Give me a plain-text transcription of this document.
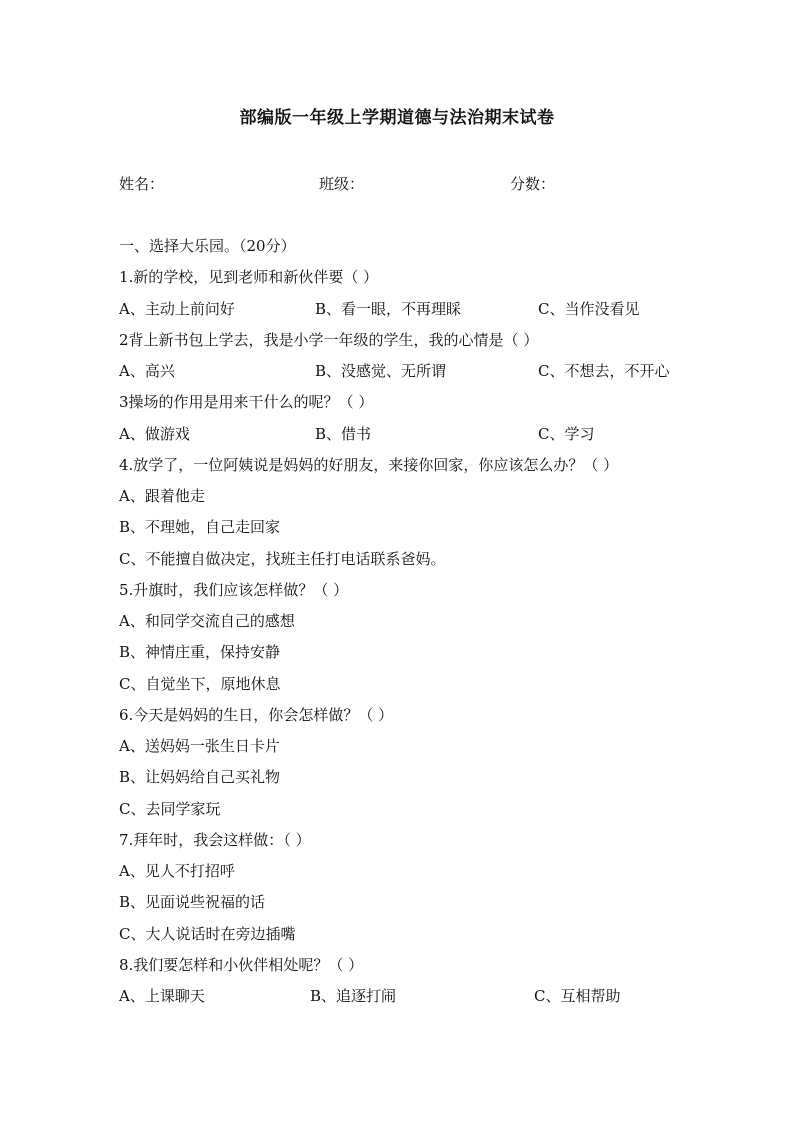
部编版一年级上学期道德与法治期末试卷
姓名：	班级：	分数：
一、选择大乐园。（20分）
1.新的学校，见到老师和新伙伴要（ ）
A、主动上前问好	B、看一眼，不再理睬	C、当作没看见
2背上新书包上学去，我是小学一年级的学生，我的心情是（ ）
A、高兴	B、没感觉、无所谓	C、不想去，不开心
3操场的作用是用来干什么的呢？（ ）
A、做游戏	B、借书	C、学习
4.放学了，一位阿姨说是妈妈的好朋友，来接你回家，你应该怎么办？（ ）
A、跟着他走
B、不理她，自己走回家
C、不能擅自做决定，找班主任打电话联系爸妈。
5.升旗时，我们应该怎样做？（ ）
A、和同学交流自己的感想
B、神情庄重，保持安静
C、自觉坐下，原地休息
6.今天是妈妈的生日，你会怎样做？（ ）
A、送妈妈一张生日卡片
B、让妈妈给自己买礼物
C、去同学家玩
7.拜年时，我会这样做：（ ）
A、见人不打招呼
B、见面说些祝福的话
C、大人说话时在旁边插嘴
8.我们要怎样和小伙伴相处呢？（ ）
A、上课聊天	B、追逐打闹	C、互相帮助
